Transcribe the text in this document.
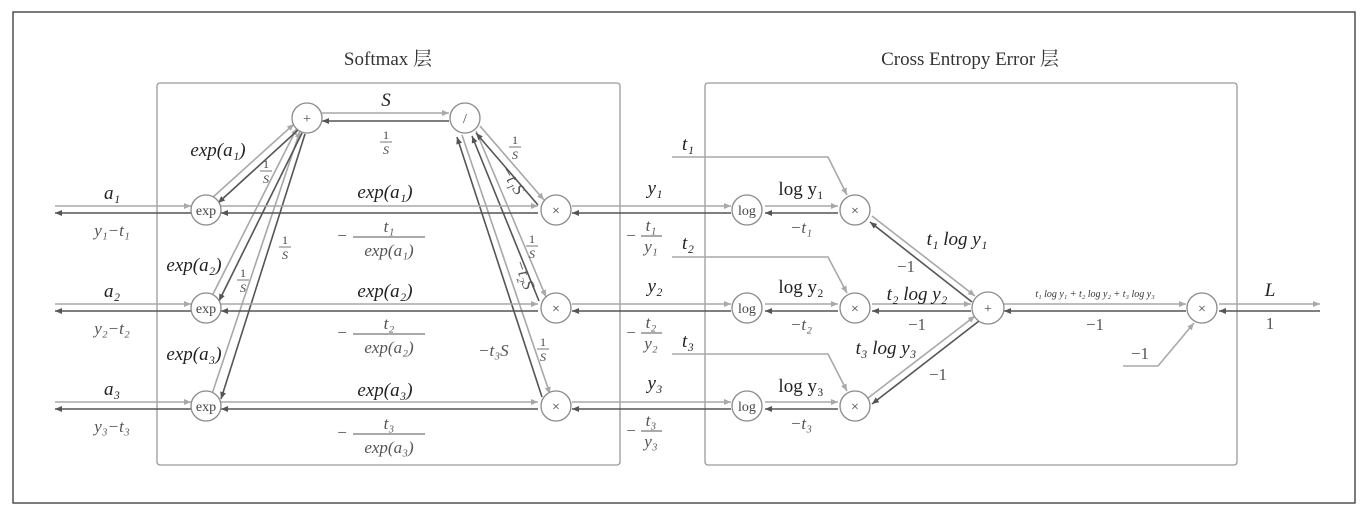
Softmax 层	Cross Entropy Error 层
a₁
y₁−t₁
a₂
y₂−t₂
a₃
y₃−t₃
exp(a₁)
exp(a₂)
exp(a₃)
1
S
1
S
1
S
S
1
S
1
S
1
S
1
S
−t₁S
−t₂S
−t₃S
exp(a₁)
exp(a₂)
exp(a₃)
− t₁
exp(a₁)
− t₂
exp(a₂)
− t₃
exp(a₃)
y₁
y₂
y₃
−
t₁
y₁
−
t₂
y₂
−
t₃
y₃
t₁
t₂
t₃
log y₁
log y₂
log y₃
−t₁
−t₂
−t₃
t₁ log y₁
t₂ log y₂
t₃ log y₃
−1
−1
−1
t₁ log y₁ + t₂ log y₂ + t₃ log y₃
−1
−1
L
1
+	/
exp
exp
exp
×
×
×
log
log
log
×
×
×
+	×
